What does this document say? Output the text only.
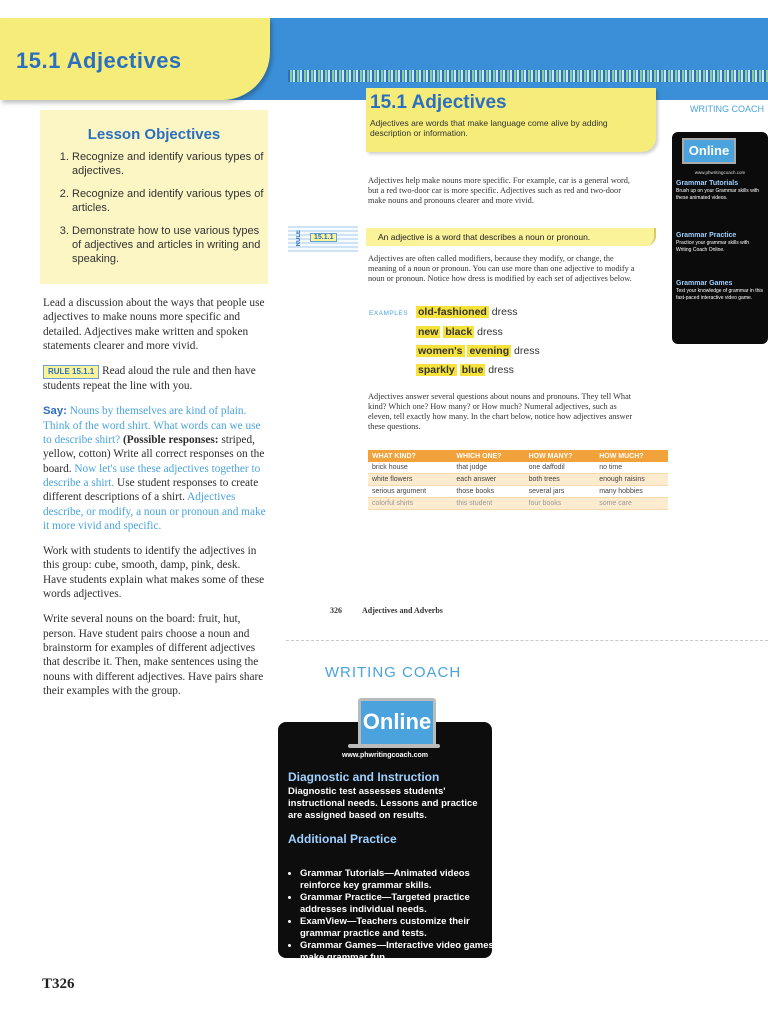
15.1 Adjectives
Lesson Objectives
1. Recognize and identify various types of adjectives.
2. Recognize and identify various types of articles.
3. Demonstrate how to use various types of adjectives and articles in writing and speaking.

Lead a discussion about the ways that people use adjectives to make nouns more specific and detailed. Adjectives make written and spoken statements clearer and more vivid.

RULE 15.1.1 Read aloud the rule and then have students repeat the line with you.

Say: Nouns by themselves are kind of plain. Think of the word shirt. What words can we use to describe shirt? (Possible responses: striped, yellow, cotton) Write all correct responses on the board. Now let's use these adjectives together to describe a shirt. Use student responses to create different descriptions of a shirt. Adjectives describe, or modify, a noun or pronoun and make it more vivid and specific.

Work with students to identify the adjectives in this group: cube, smooth, damp, pink, desk. Have students explain what makes some of these words adjectives.

Write several nouns on the board: fruit, hut, person. Have student pairs choose a noun and brainstorm for examples of different adjectives that describe it. Then, make sentences using the nouns with different adjectives. Have pairs share their examples with the group.

15.1 Adjectives
Adjectives are words that make language come alive by adding description or information.
Adjectives help make nouns more specific. For example, car is a general word, but a red two-door car is more specific. Adjectives such as red and two-door make nouns and pronouns clearer and more vivid.
RULE	15.1.1	An adjective is a word that describes a noun or pronoun.
Adjectives are often called modifiers, because they modify, or change, the meaning of a noun or pronoun. You can use more than one adjective to modify a noun or pronoun. Notice how dress is modified by each set of adjectives below.
EXAMPLES old-fashioned dress
new black dress
women's evening dress
sparkly blue dress
Adjectives answer several questions about nouns and pronouns. They tell What kind? Which one? How many? or How much? Numeral adjectives, such as eleven, tell exactly how many. In the chart below, notice how adjectives answer these questions.
WHAT KIND?	WHICH ONE?	HOW MANY?	HOW MUCH?
brick house	that judge	one daffodil	no time
white flowers	each answer	both trees	enough raisins
serious argument	those books	several jars	many hobbies
colorful shirts	this student	four books	some care
326	Adjectives and Adverbs
WRITING COACH
Online
www.phwritingcoach.com
Grammar Tutorials
Brush up on your Grammar skills with these animated videos.
Grammar Practice
Practice your grammar skills with Writing Coach Online.
Grammar Games
Test your knowledge of grammar in this fast-paced interactive video game.
WRITING COACH
Online
www.phwritingcoach.com
Diagnostic and Instruction
Diagnostic test assesses students' instructional needs. Lessons and practice are assigned based on results.
Additional Practice
• Grammar Tutorials—Animated videos reinforce key grammar skills.
• Grammar Practice—Targeted practice addresses individual needs.
• ExamView—Teachers customize their grammar practice and tests.
• Grammar Games—Interactive video games make grammar fun.
T326
